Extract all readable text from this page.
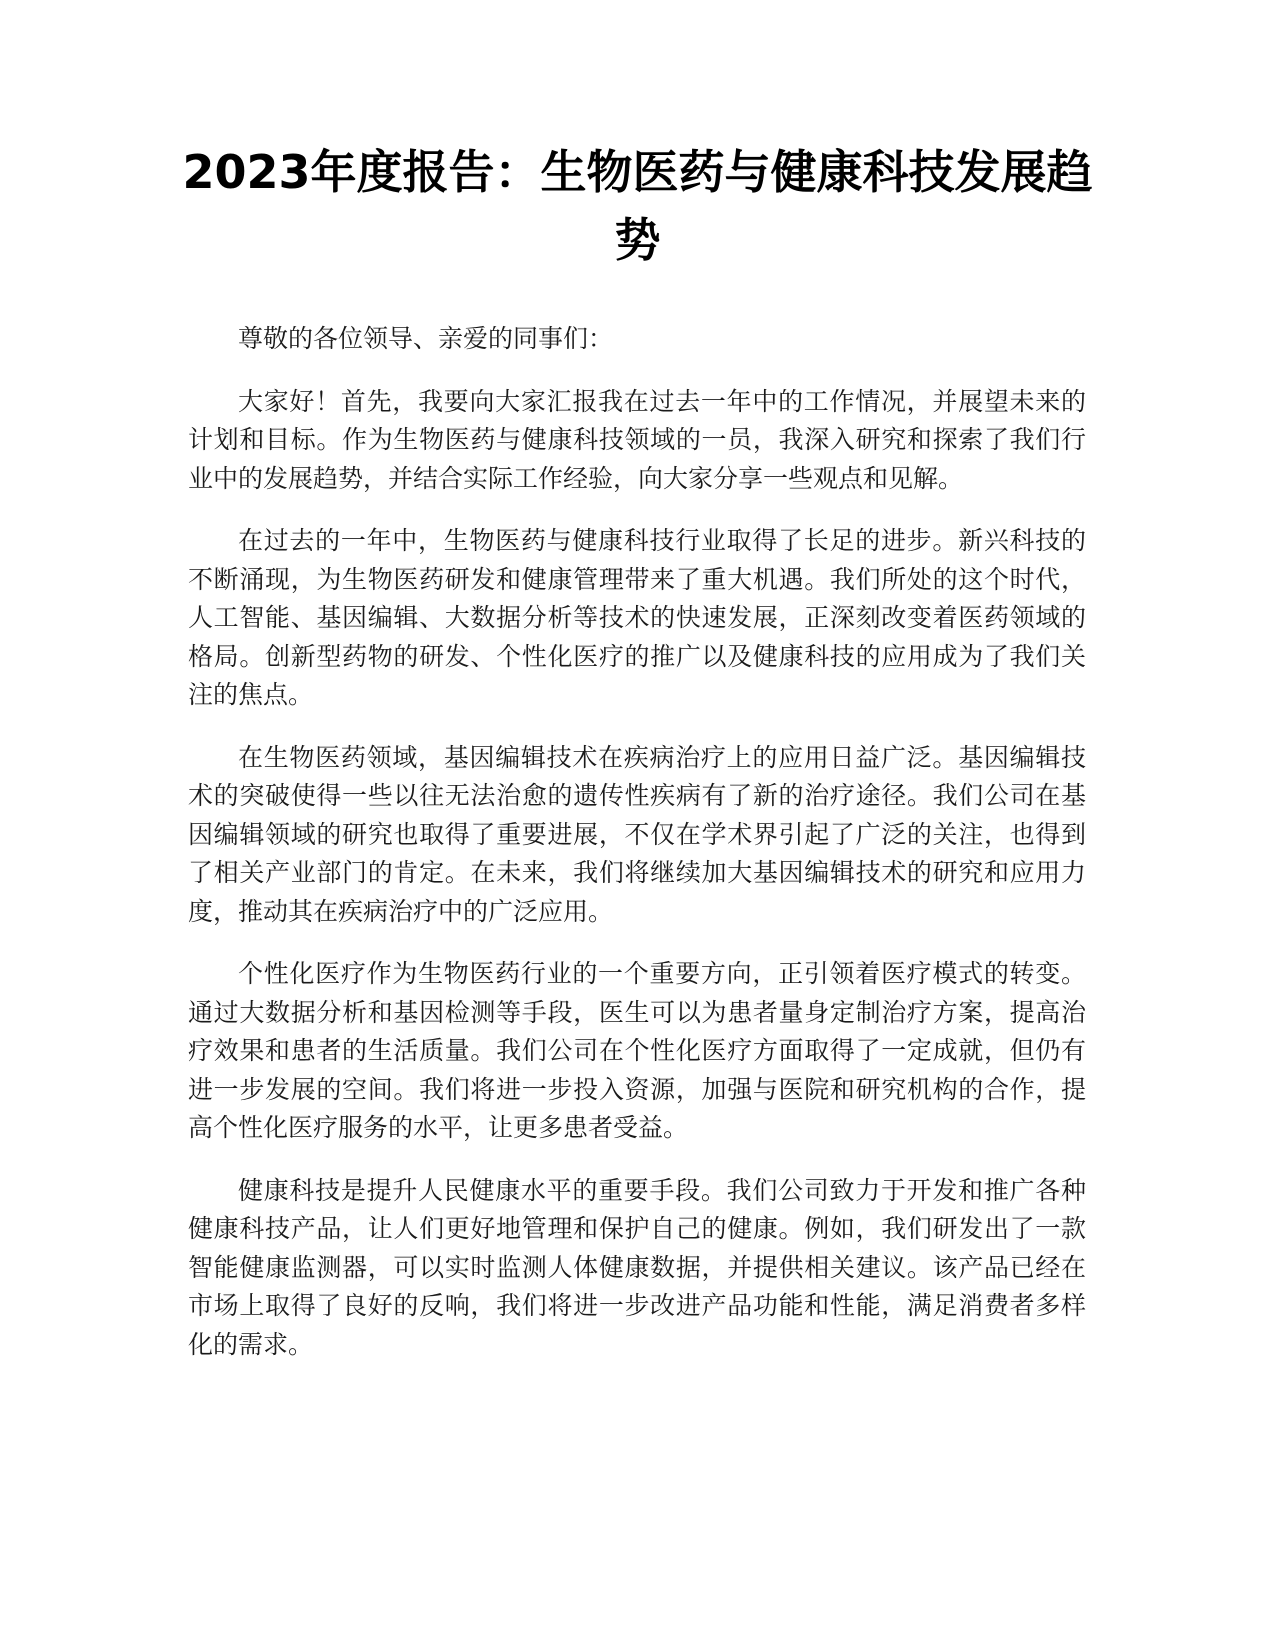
2023年度报告：生物医药与健康科技发展趋势

尊敬的各位领导、亲爱的同事们：

大家好！首先，我要向大家汇报我在过去一年中的工作情况，并展望未来的计划和目标。作为生物医药与健康科技领域的一员，我深入研究和探索了我们行业中的发展趋势，并结合实际工作经验，向大家分享一些观点和见解。

在过去的一年中，生物医药与健康科技行业取得了长足的进步。新兴科技的不断涌现，为生物医药研发和健康管理带来了重大机遇。我们所处的这个时代，人工智能、基因编辑、大数据分析等技术的快速发展，正深刻改变着医药领域的格局。创新型药物的研发、个性化医疗的推广以及健康科技的应用成为了我们关注的焦点。

在生物医药领域，基因编辑技术在疾病治疗上的应用日益广泛。基因编辑技术的突破使得一些以往无法治愈的遗传性疾病有了新的治疗途径。我们公司在基因编辑领域的研究也取得了重要进展，不仅在学术界引起了广泛的关注，也得到了相关产业部门的肯定。在未来，我们将继续加大基因编辑技术的研究和应用力度，推动其在疾病治疗中的广泛应用。

个性化医疗作为生物医药行业的一个重要方向，正引领着医疗模式的转变。通过大数据分析和基因检测等手段，医生可以为患者量身定制治疗方案，提高治疗效果和患者的生活质量。我们公司在个性化医疗方面取得了一定成就，但仍有进一步发展的空间。我们将进一步投入资源，加强与医院和研究机构的合作，提高个性化医疗服务的水平，让更多患者受益。

健康科技是提升人民健康水平的重要手段。我们公司致力于开发和推广各种健康科技产品，让人们更好地管理和保护自己的健康。例如，我们研发出了一款智能健康监测器，可以实时监测人体健康数据，并提供相关建议。该产品已经在市场上取得了良好的反响，我们将进一步改进产品功能和性能，满足消费者多样化的需求。
